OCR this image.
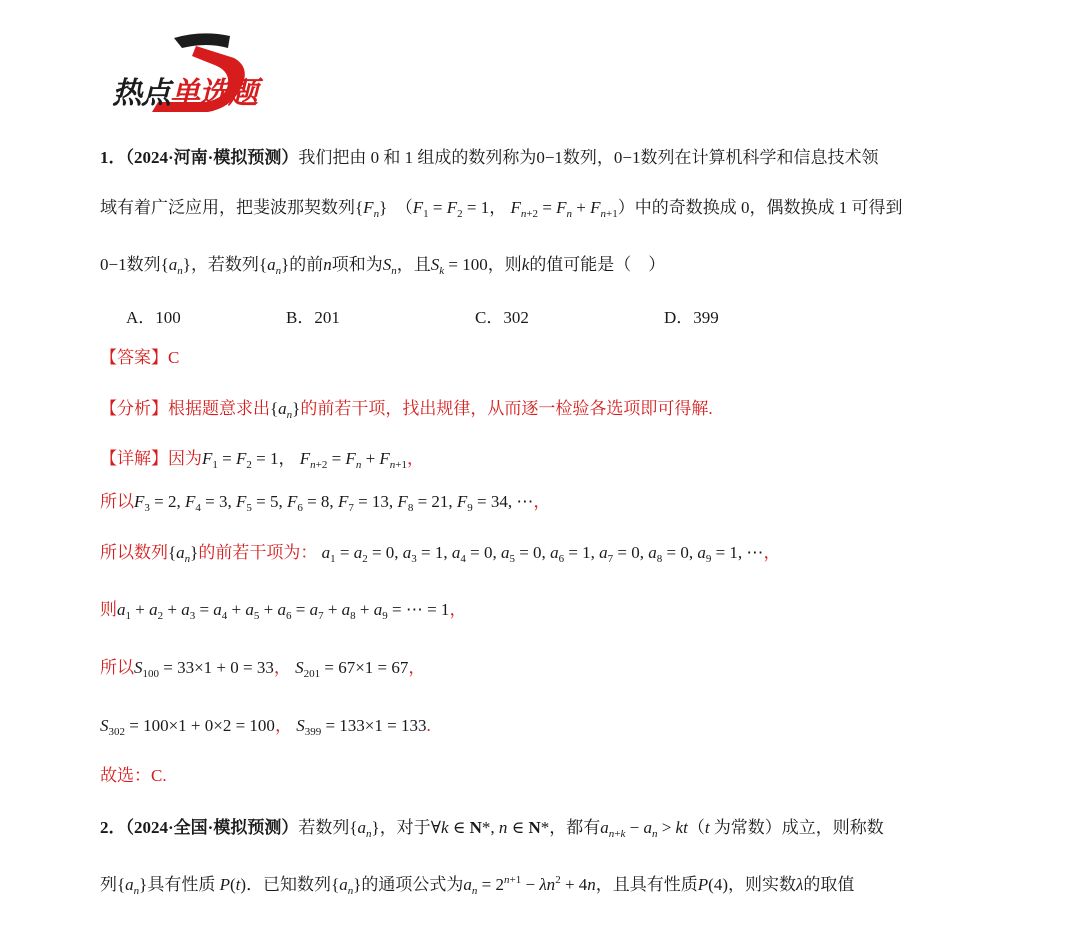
热点单选题
1．（2024·河南·模拟预测）我们把由 0 和 1 组成的数列称为0−1数列，0−1数列在计算机科学和信息技术领
域有着广泛应用，把斐波那契数列$\{F_n\}$　（$F_1 = F_2 = 1$， $F_{n+2} = F_n + F_{n+1}$）中的奇数换成 0，偶数换成 1 可得到
0−1数列$\{a_n\}$，若数列$\{a_n\}$的前n项和为$S_n$，且$S_k = 100$，则k的值可能是（　）
A．100	B．201	C．302	D．399
【答案】C
【分析】根据题意求出$\{a_n\}$的前若干项，找出规律，从而逐一检验各选项即可得解.
【详解】因为$F_1 = F_2 = 1$， $F_{n+2} = F_n + F_{n+1}$，
所以$F_3 = 2$, $F_4 = 3$, $F_5 = 5$, $F_6 = 8$, $F_7 = 13$, $F_8 = 21$, $F_9 = 34$, ⋯，
所以数列$\{a_n\}$的前若干项为： $a_1 = a_2 = 0$, $a_3 = 1$, $a_4 = 0$, $a_5 = 0$, $a_6 = 1$, $a_7 = 0$, $a_8 = 0$, $a_9 = 1$, ⋯，
则$a_1 + a_2 + a_3 = a_4 + a_5 + a_6 = a_7 + a_8 + a_9$ = ⋯ = 1，
所以$S_{100} = 33\times 1 + 0 = 33$， $S_{201} = 67\times 1 = 67$，
$S_{302} = 100\times 1 + 0\times 2 = 100$， $S_{399} = 133\times 1 = 133$.
故选：C.
2．（2024·全国·模拟预测）若数列$\{a_n\}$，对于∀k ∈ N*, n ∈ N*，都有$a_{n+k} - a_n > kt(t$ 为常数）成立，则称数
列$\{a_n\}$具有性质 P(t)．已知数列$\{a_n\}$的通项公式为$a_n = 2^{n+1} - \lambda n^2 + 4n$，且具有性质P(4)，则实数λ的取值
